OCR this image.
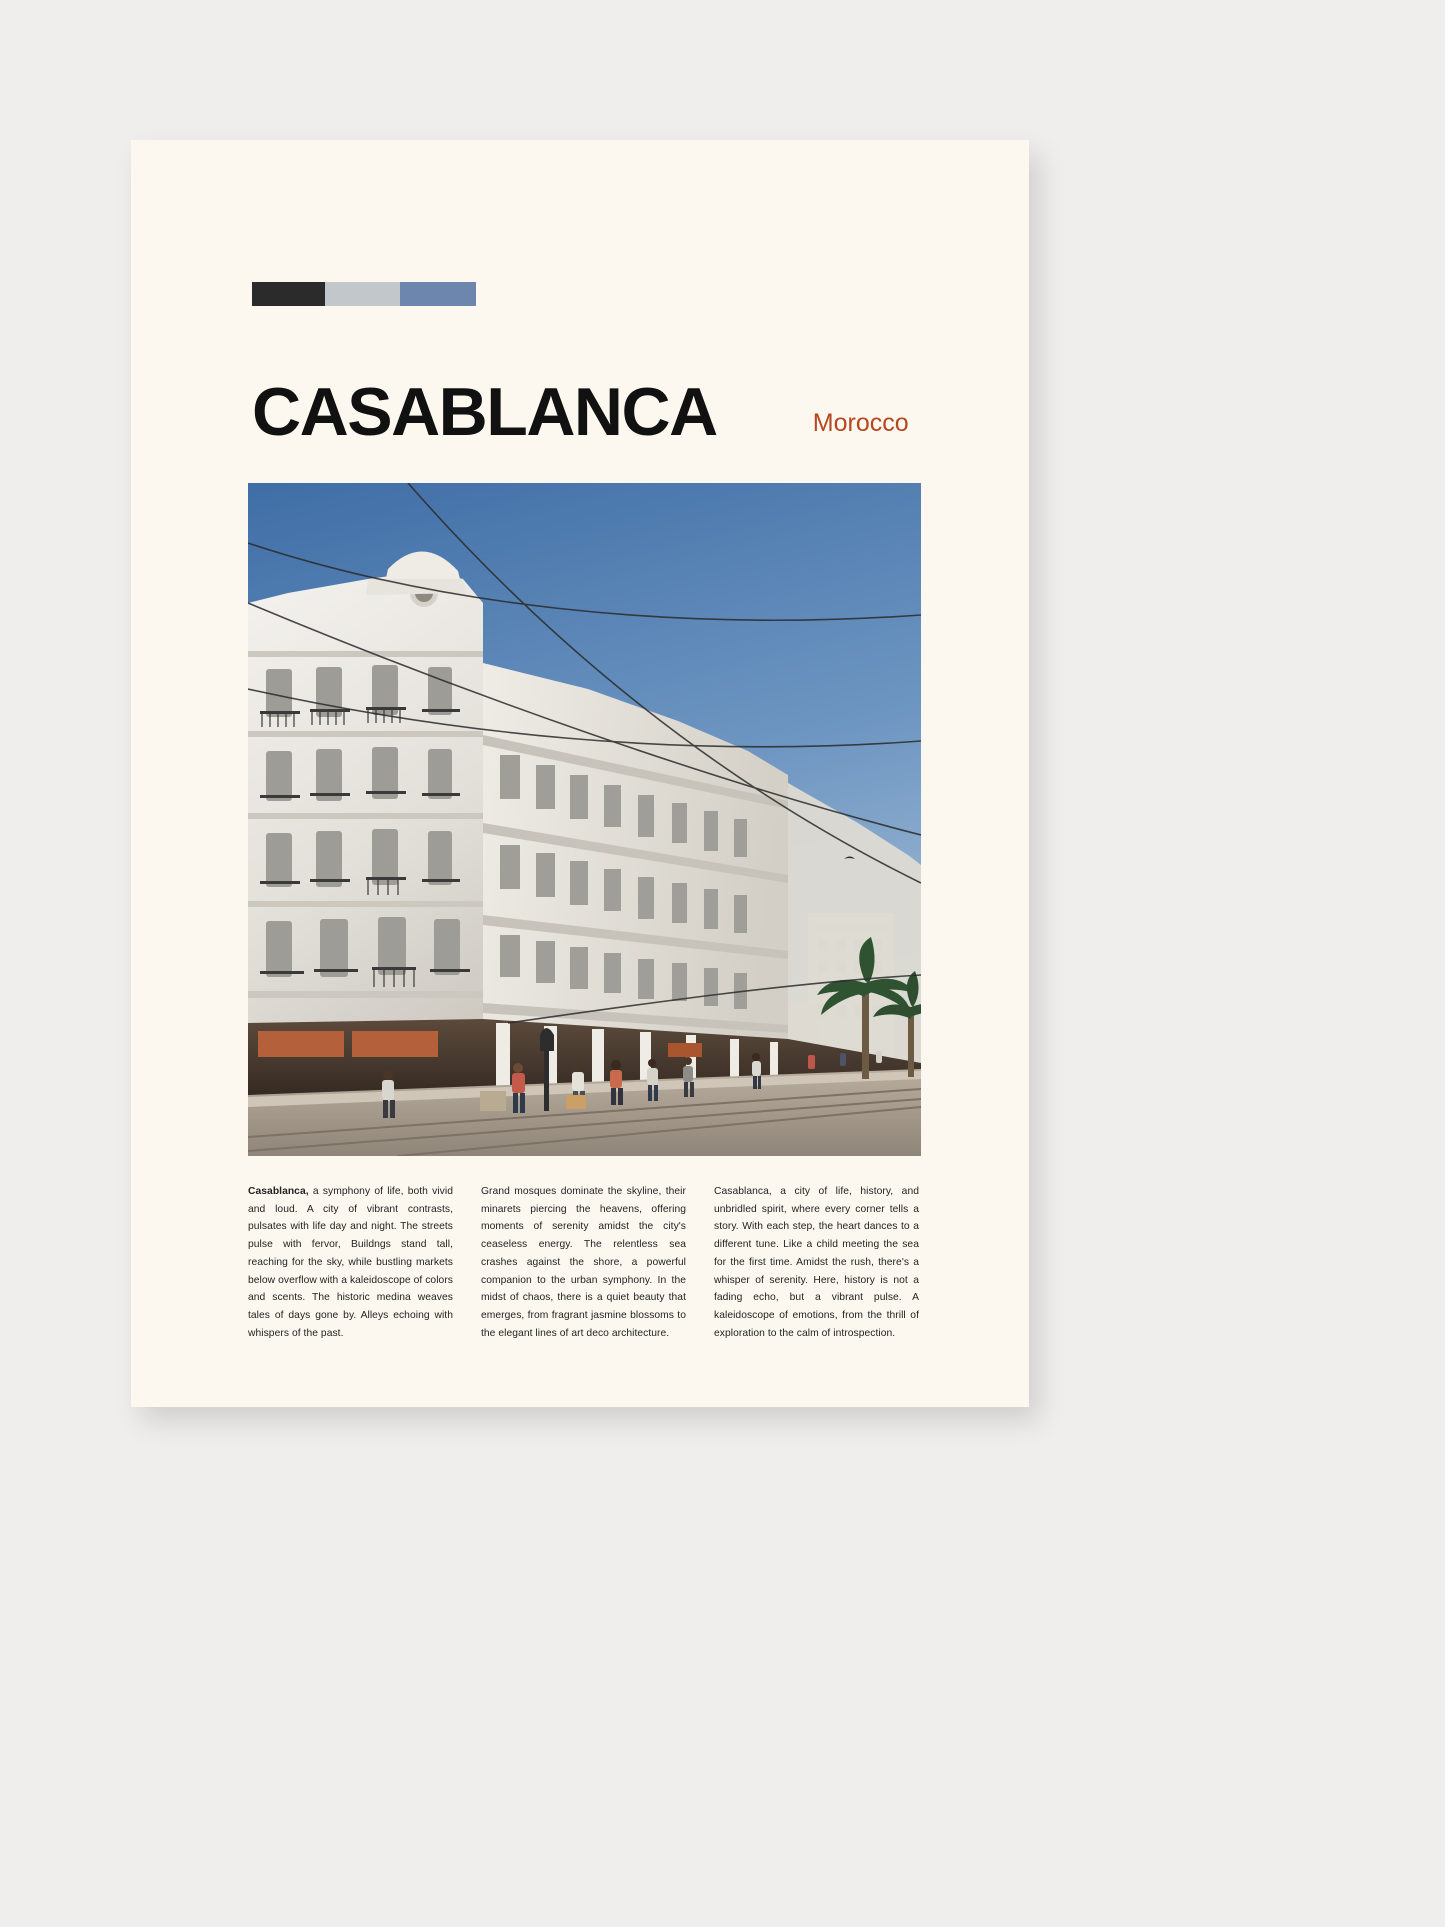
CASABLANCA	Morocco
Casablanca, a symphony of life, both vivid and loud. A city of vibrant contrasts, pulsates with life day and night. The streets pulse with fervor, Buildngs stand tall, reaching for the sky, while bustling markets below overflow with a kaleidoscope of colors and scents. The historic medina weaves tales of days gone by. Alleys echoing with whispers of the past.
Grand mosques dominate the skyline, their minarets piercing the heavens, offering moments of serenity amidst the city's ceaseless energy. The relentless sea crashes against the shore, a powerful companion to the urban symphony. In the midst of chaos, there is a quiet beauty that emerges, from fragrant jasmine blossoms to the elegant lines of art deco architecture.
Casablanca, a city of life, history, and unbridled spirit, where every corner tells a story. With each step, the heart dances to a different tune. Like a child meeting the sea for the first time. Amidst the rush, there's a whisper of serenity. Here, history is not a fading echo, but a vibrant pulse. A kaleidoscope of emotions, from the thrill of exploration to the calm of introspection.
